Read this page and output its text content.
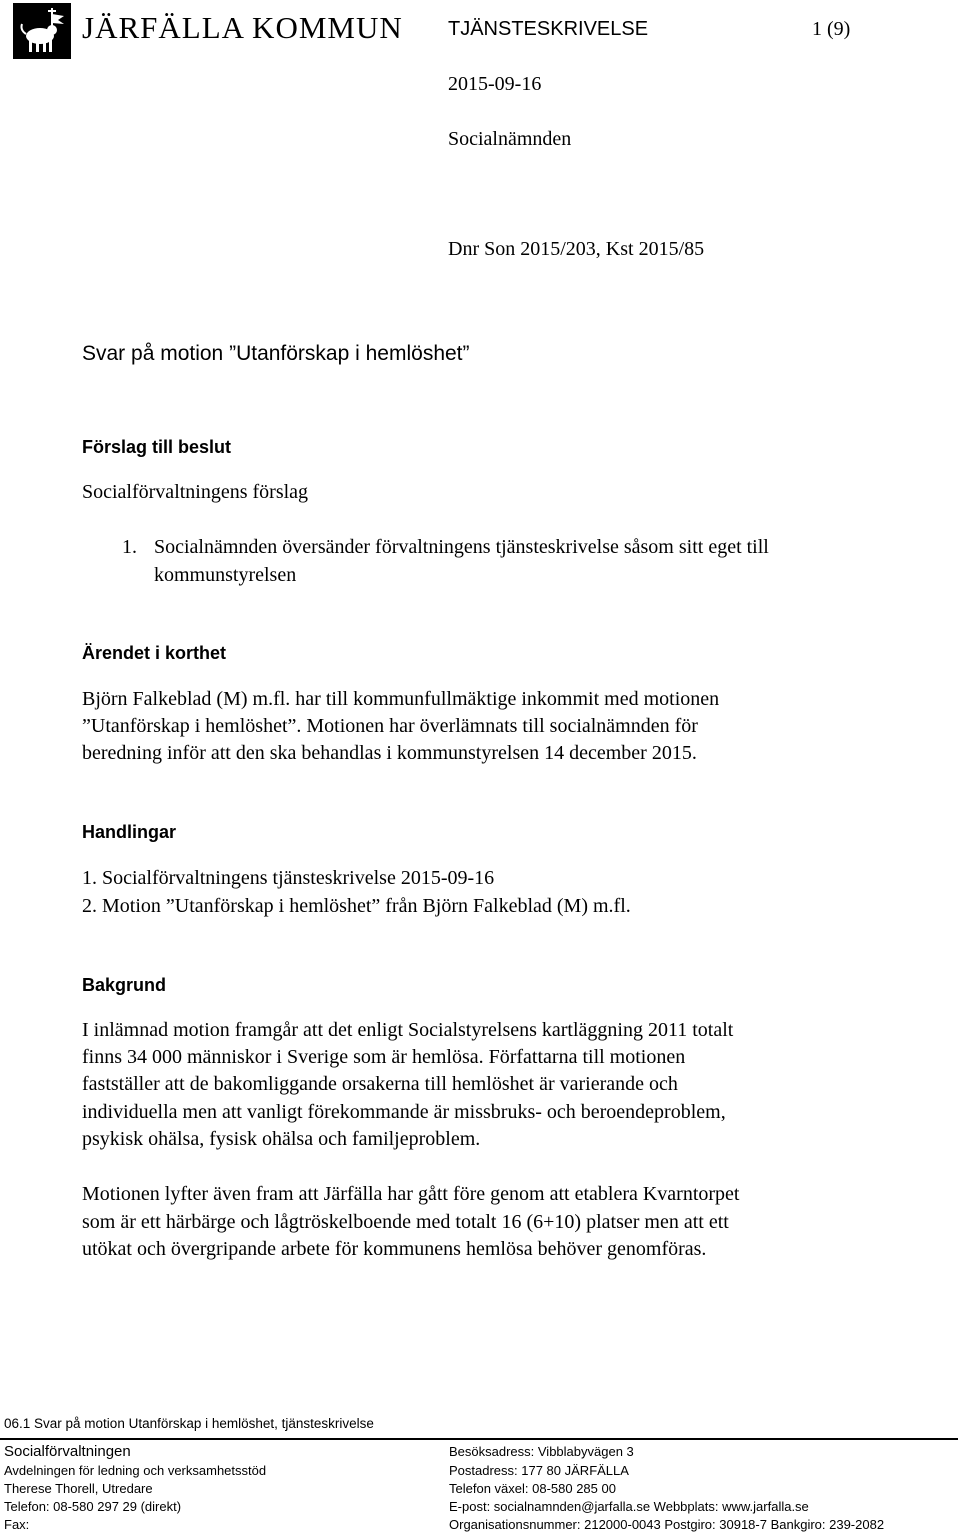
JÄRFÄLLA KOMMUN TJÄNSTESKRIVELSE	1 (9)
2015-09-16
Socialnämnden
Dnr Son 2015/203, Kst 2015/85
Svar på motion ”Utanförskap i hemlöshet”
Förslag till beslut
Socialförvaltningens förslag
1. Socialnämnden översänder förvaltningens tjänsteskrivelse såsom sitt eget till
kommunstyrelsen
Ärendet i korthet
Björn Falkeblad (M) m.fl. har till kommunfullmäktige inkommit med motionen
”Utanförskap i hemlöshet”. Motionen har överlämnats till socialnämnden för
beredning inför att den ska behandlas i kommunstyrelsen 14 december 2015.
Handlingar
1. Socialförvaltningens tjänsteskrivelse 2015-09-16
2. Motion ”Utanförskap i hemlöshet” från Björn Falkeblad (M) m.fl.
Bakgrund
I inlämnad motion framgår att det enligt Socialstyrelsens kartläggning 2011 totalt
finns 34 000 människor i Sverige som är hemlösa. Författarna till motionen
fastställer att de bakomliggande orsakerna till hemlöshet är varierande och
individuella men att vanligt förekommande är missbruks- och beroendeproblem,
psykisk ohälsa, fysisk ohälsa och familjeproblem.
Motionen lyfter även fram att Järfälla har gått före genom att etablera Kvarntorpet
som är ett härbärge och lågtröskelboende med totalt 16 (6+10) platser men att ett
utökat och övergripande arbete för kommunens hemlösa behöver genomföras.
06.1 Svar på motion Utanförskap i hemlöshet, tjänsteskrivelse
Socialförvaltningen
Avdelningen för ledning och verksamhetsstöd
Therese Thorell, Utredare
Telefon: 08-580 297 29 (direkt)
Fax:
Besöksadress: Vibblabyvägen 3
Postadress: 177 80 JÄRFÄLLA
Telefon växel: 08-580 285 00
E-post: socialnamnden@jarfalla.se Webbplats: www.jarfalla.se
Organisationsnummer: 212000-0043 Postgiro: 30918-7 Bankgiro: 239-2082
